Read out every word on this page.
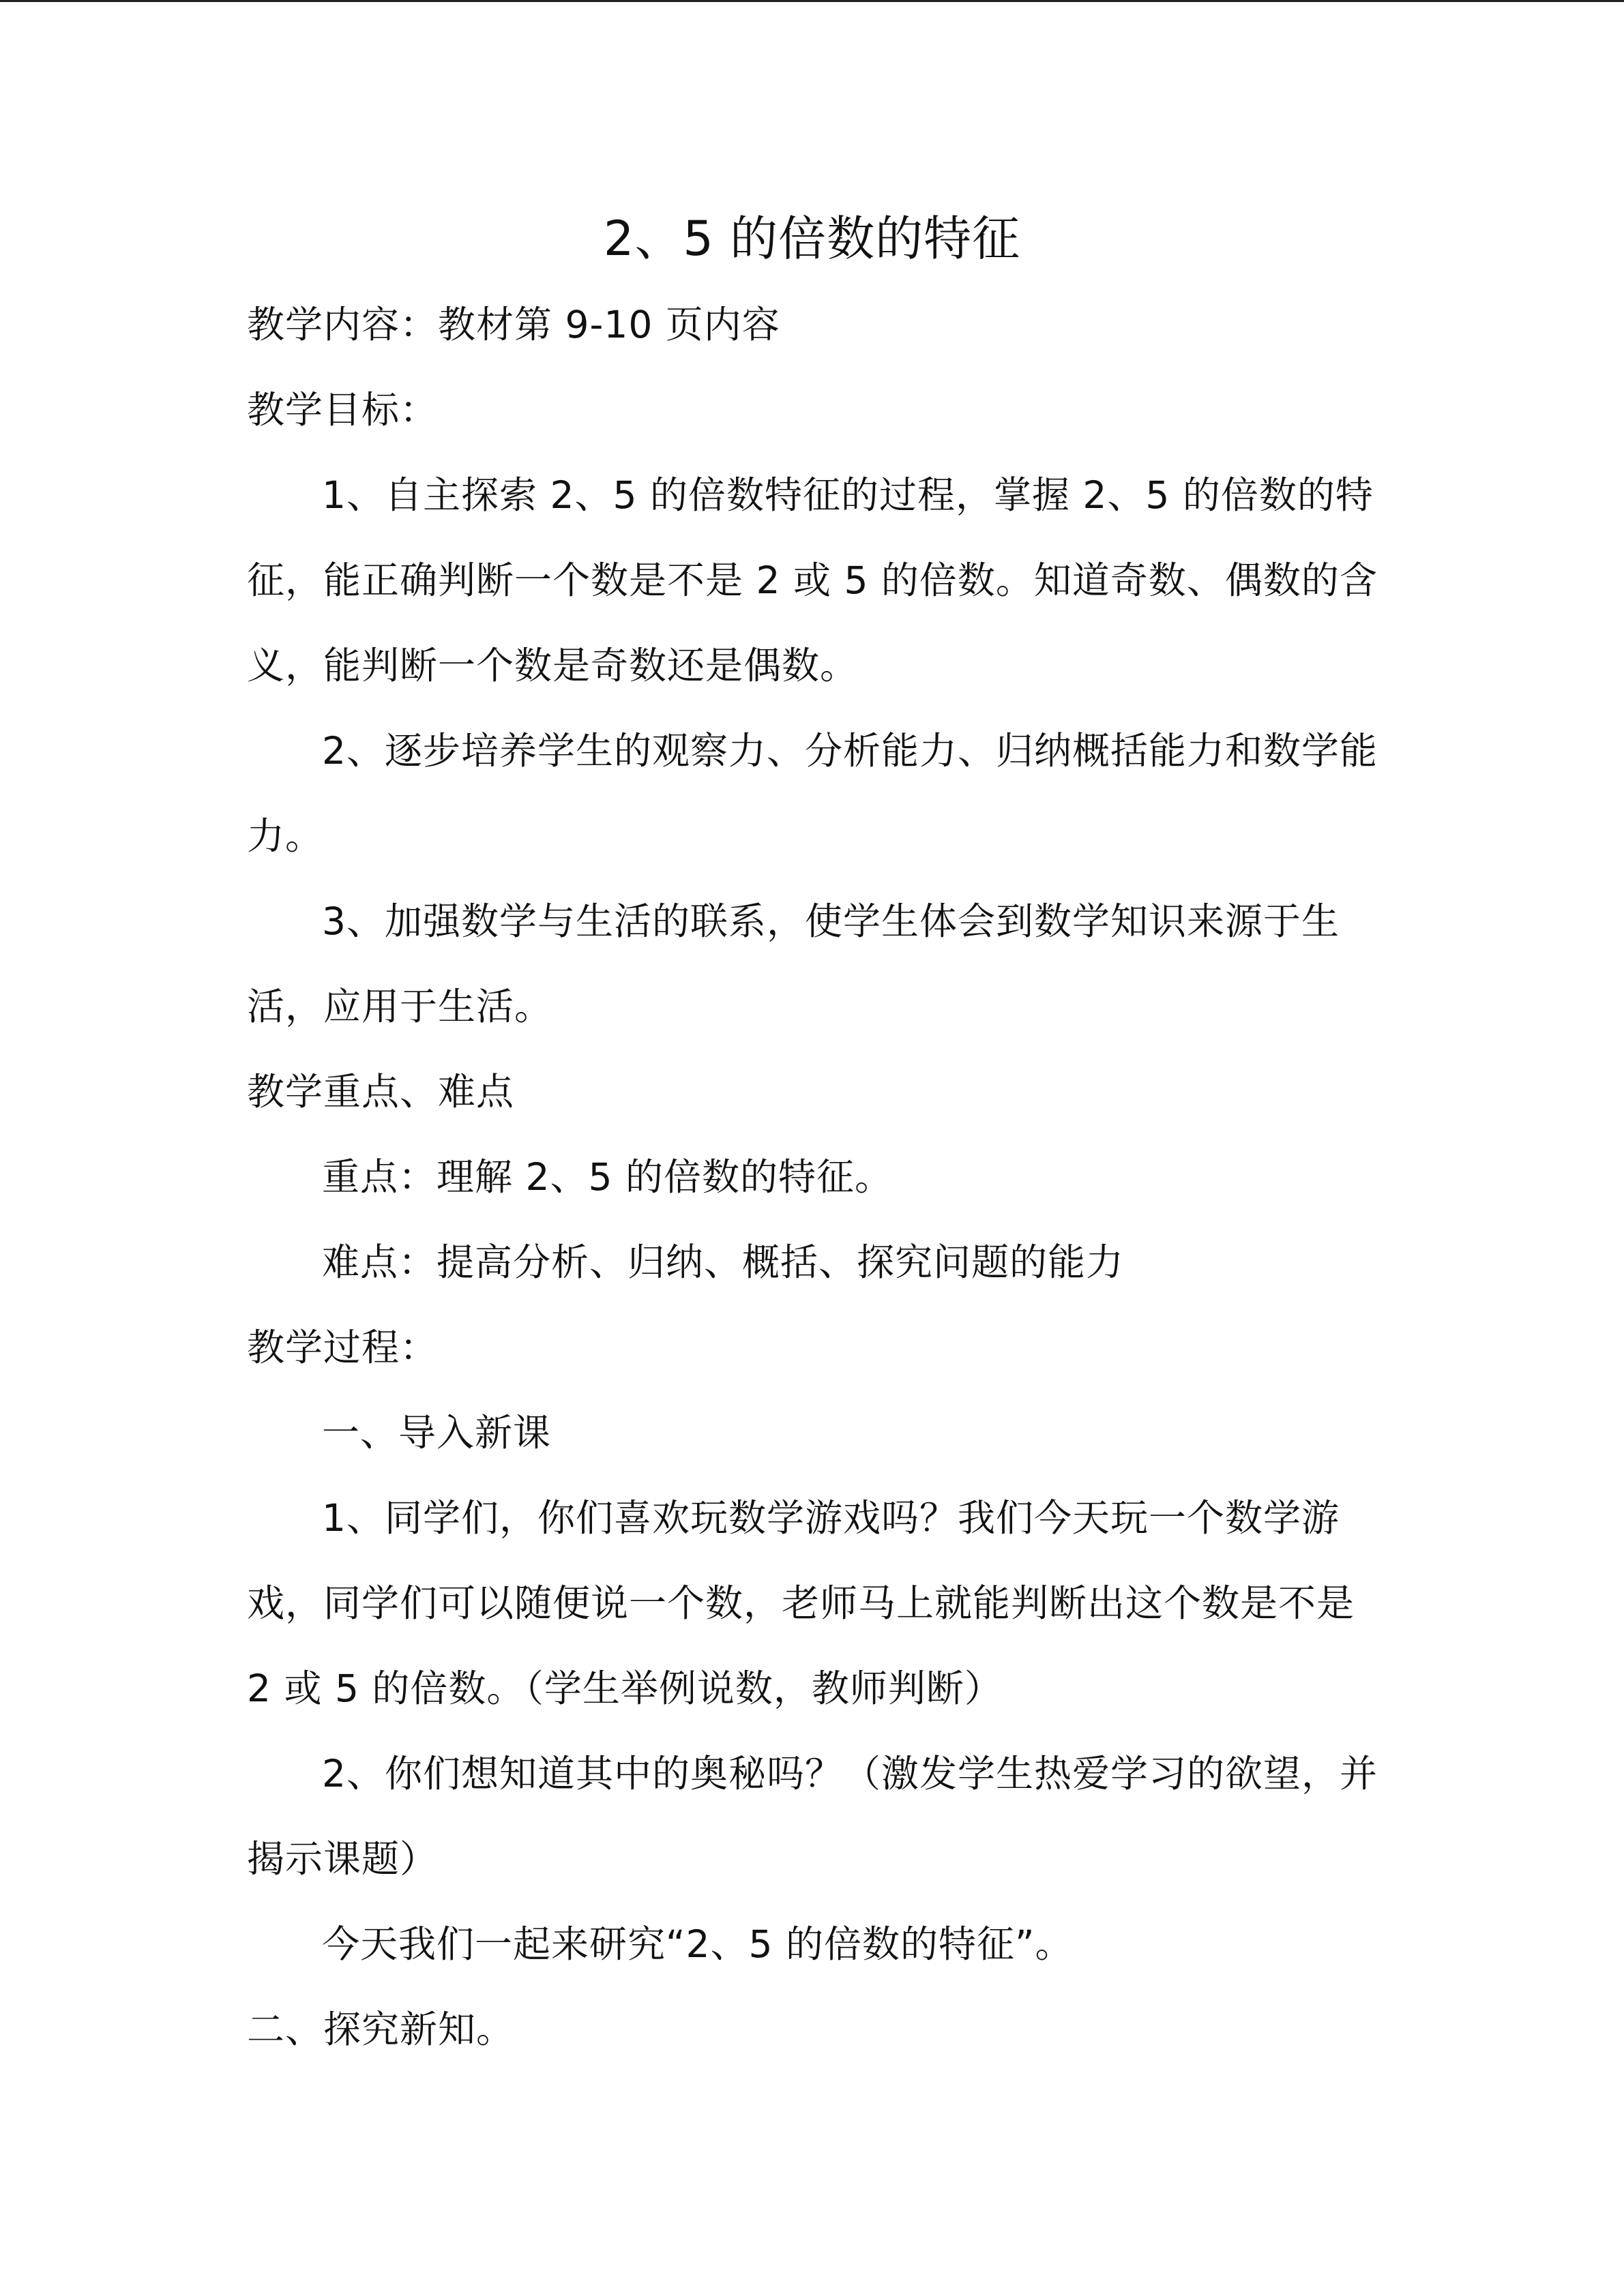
2、5 的倍数的特征
教学内容：教材第 9-10 页内容
教学目标：
1、自主探索 2、5 的倍数特征的过程，掌握 2、5 的倍数的特
征，能正确判断一个数是不是 2 或 5 的倍数。知道奇数、偶数的含
义，能判断一个数是奇数还是偶数。
2、逐步培养学生的观察力、分析能力、归纳概括能力和数学能
力。
3、加强数学与生活的联系，使学生体会到数学知识来源于生
活，应用于生活。
教学重点、难点
重点：理解 2、5 的倍数的特征。
难点：提高分析、归纳、概括、探究问题的能力
教学过程：
一、导入新课
1、同学们，你们喜欢玩数学游戏吗？我们今天玩一个数学游
戏，同学们可以随便说一个数，老师马上就能判断出这个数是不是
2 或 5 的倍数。（学生举例说数，教师判断）
2、你们想知道其中的奥秘吗？（激发学生热爱学习的欲望，并
揭示课题）
今天我们一起来研究“2、5 的倍数的特征”。
二、探究新知。
